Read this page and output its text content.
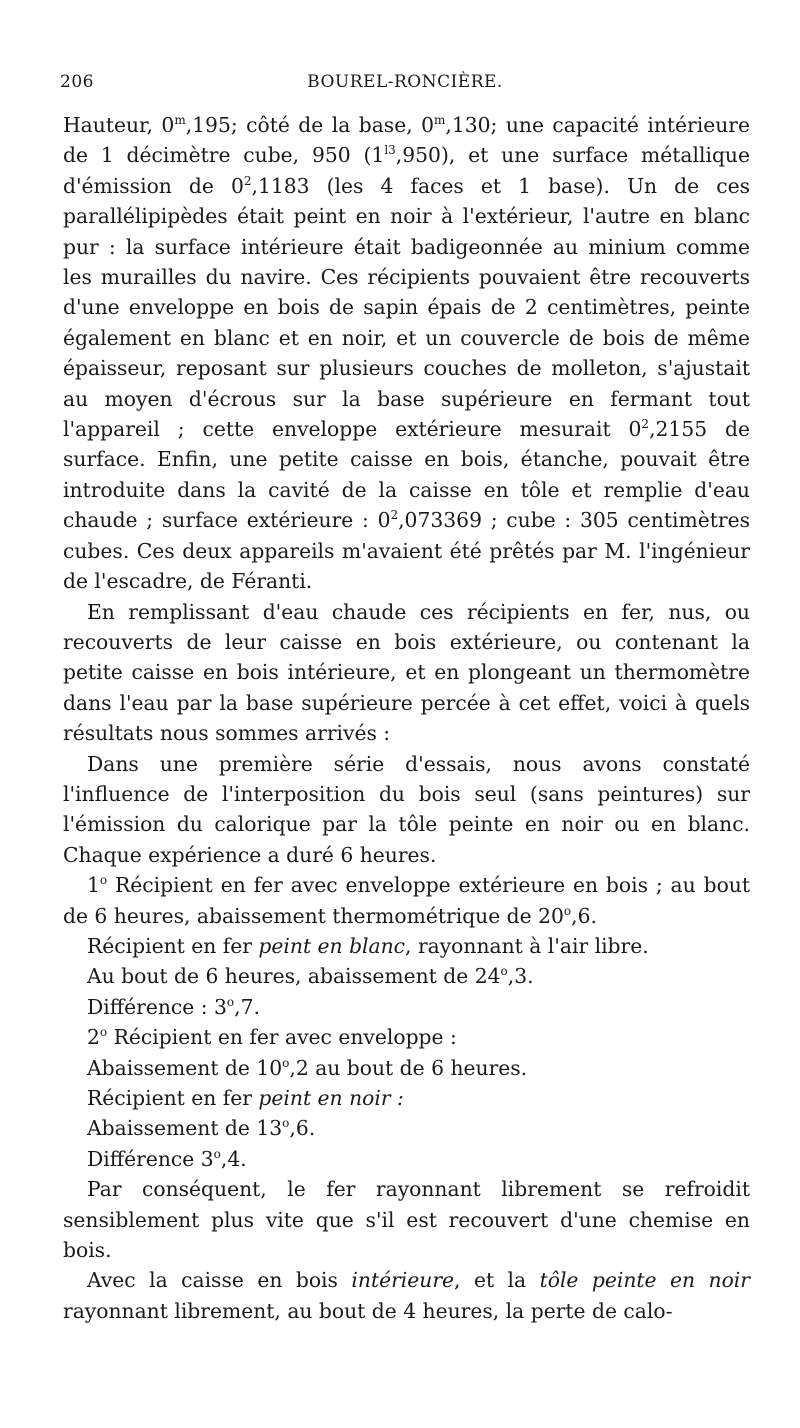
206	BOUREL-RONCIÈRE.

Hauteur, 0$^m$,195; côté de la base, 0$^m$,130; une capacité intérieure de 1 décimètre cube, 950 $(1^{l3},950)$, et une surface métallique d'émission de $0^2,1183$ (les 4 faces et 1 base). Un de ces parallélipipèdes était peint en noir à l'extérieur, l'autre en blanc pur : la surface intérieure était badigeonnée au minium comme les murailles du navire. Ces récipients pouvaient être recouverts d'une enveloppe en bois de sapin épais de 2 centimètres, peinte également en blanc et en noir, et un couvercle de bois de même épaisseur, reposant sur plusieurs couches de molleton, s'ajustait au moyen d'écrous sur la base supérieure en fermant tout l'appareil ; cette enveloppe extérieure mesurait $0^2,2155$ de surface. Enfin, une petite caisse en bois, étanche, pouvait être introduite dans la cavité de la caisse en tôle et remplie d'eau chaude ; surface extérieure : $0^2,073369$ ; cube : 305 centimètres cubes. Ces deux appareils m'avaient été prêtés par M. l'ingénieur de l'escadre, de Féranti.

En remplissant d'eau chaude ces récipients en fer, nus, ou recouverts de leur caisse en bois extérieure, ou contenant la petite caisse en bois intérieure, et en plongeant un thermomètre dans l'eau par la base supérieure percée à cet effet, voici à quels résultats nous sommes arrivés :

Dans une première série d'essais, nous avons constaté l'influence de l'interposition du bois seul (sans peintures) sur l'émission du calorique par la tôle peinte en noir ou en blanc. Chaque expérience a duré 6 heures.

1$^o$ Récipient en fer avec enveloppe extérieure en bois ; au bout de 6 heures, abaissement thermométrique de 20$^o$,6.

Récipient en fer peint en blanc, rayonnant à l'air libre.

Au bout de 6 heures, abaissement de 24$^o$,3.

Différence : 3$^o$,7.

2$^o$ Récipient en fer avec enveloppe :

Abaissement de 10$^o$,2 au bout de 6 heures.

Récipient en fer peint en noir :

Abaissement de 13$^o$,6.

Différence 3$^o$,4.

Par conséquent, le fer rayonnant librement se refroidit sensiblement plus vite que s'il est recouvert d'une chemise en bois.

Avec la caisse en bois intérieure, et la tôle peinte en noir rayonnant librement, au bout de 4 heures, la perte de calo-
